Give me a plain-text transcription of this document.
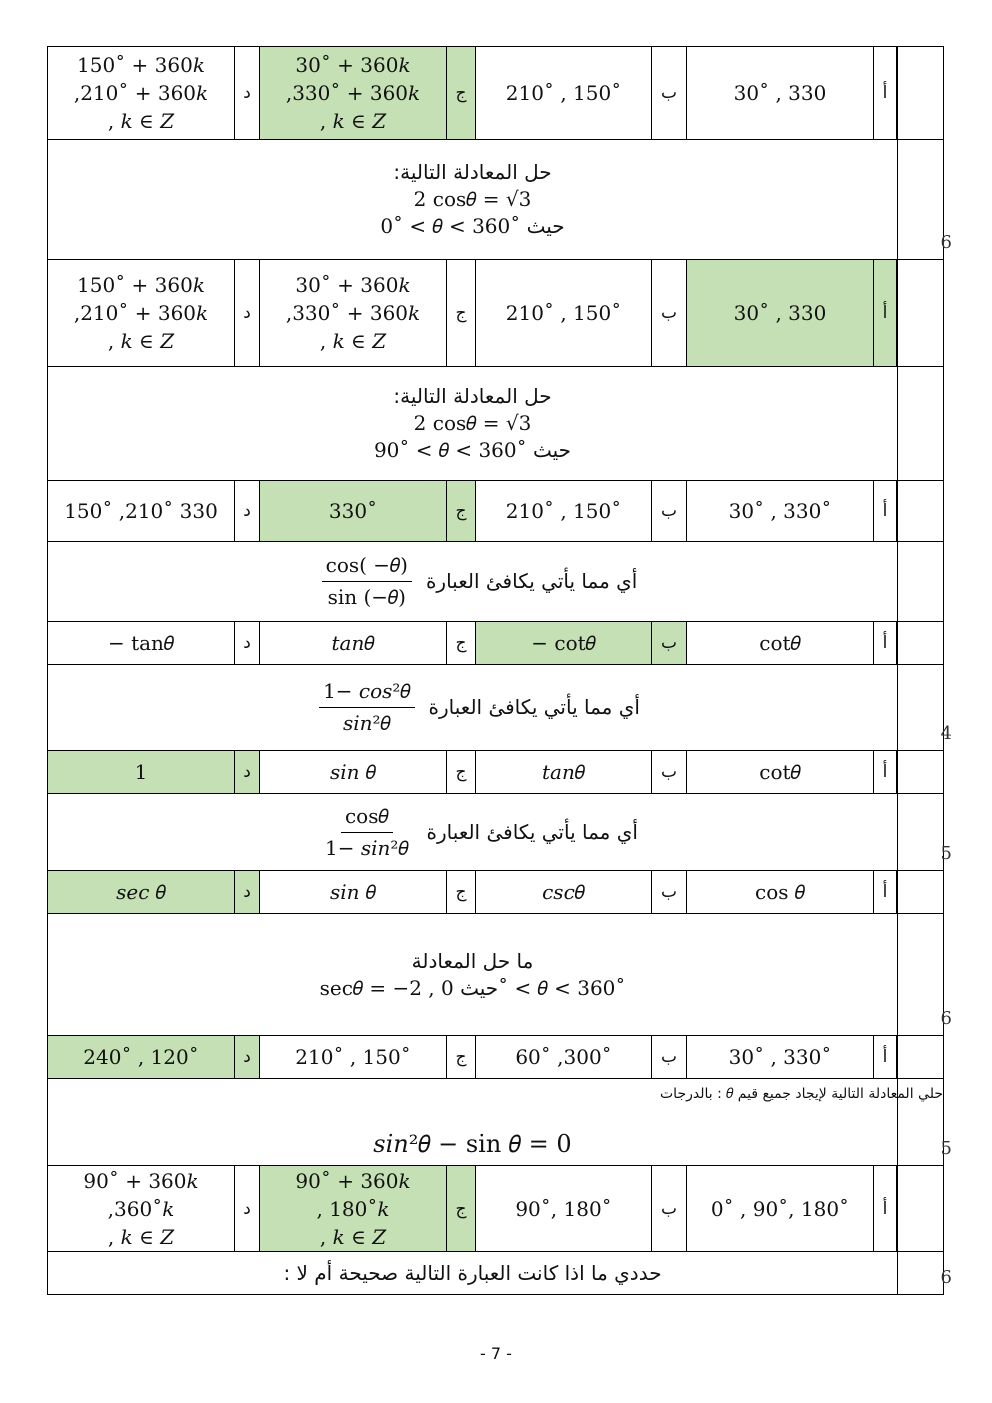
150˚ + 360𝑘
,210˚ + 360𝑘
, 𝑘 ∈ 𝑍
د
30˚ + 360𝑘
,330˚ + 360𝑘
, 𝑘 ∈ 𝑍
ج	210˚ , 150˚	ب	30˚ , 330	أ
حل المعادلة التالية:
2 cos𝜃 = √3
0˚ < 𝜃 < 360˚ حيث
6
150˚ + 360𝑘
,210˚ + 360𝑘
, 𝑘 ∈ 𝑍
د
30˚ + 360𝑘
,330˚ + 360𝑘
, 𝑘 ∈ 𝑍
ج	210˚ , 150˚	ب	30˚ , 330	أ
حل المعادلة التالية:
2 cos𝜃 = √3
90˚ < 𝜃 < 360˚ حيث
150˚ ,210˚ 330	د	330˚	ج	210˚ , 150˚	ب	30˚ , 330˚	أ
$\frac{\text{cos( −𝜃)}}{\text{sin (−𝜃)}}$ أي مما يأتي يكافئ العبارة
− tan𝜃	د	𝑡𝑎𝑛𝜃	ج	− cot𝜃	ب	cot𝜃	أ
$\frac{\text{1− 𝑐𝑜𝑠²𝜃}}{\text{𝑠𝑖𝑛²𝜃}}$ أي مما يأتي يكافئ العبارة
4
1	د	𝑠𝑖𝑛 𝜃	ج	𝑡𝑎𝑛𝜃	ب	cot𝜃	أ
$\frac{\text{cos𝜃}}{\text{1− 𝑠𝑖𝑛²𝜃}}$ أي مما يأتي يكافئ العبارة
5
𝑠𝑒𝑐 𝜃	د	𝑠𝑖𝑛 𝜃	ج	𝑐𝑠𝑐𝜃	ب	cos 𝜃	أ
ما حل المعادلة
sec𝜃 = −2 , حيث 0˚ < 𝜃 < 360˚
6
240˚ , 120˚	د	210˚ , 150˚	ج	60˚ ,300˚	ب	30˚ , 330˚	أ
حلي المعادلة التالية لإيجاد جميع قيم 𝜃 : بالدرجات
𝑠𝑖𝑛²𝜃 − sin 𝜃 = 0	5
90˚ + 360𝑘
,360˚𝑘
, 𝑘 ∈ 𝑍
د
90˚ + 360𝑘
, 180˚𝑘
, 𝑘 ∈ 𝑍
ج	90˚, 180˚	ب	0˚ , 90˚, 180˚	أ
حددي ما اذا كانت العبارة التالية صحيحة أم لا :	6
- 7 -
